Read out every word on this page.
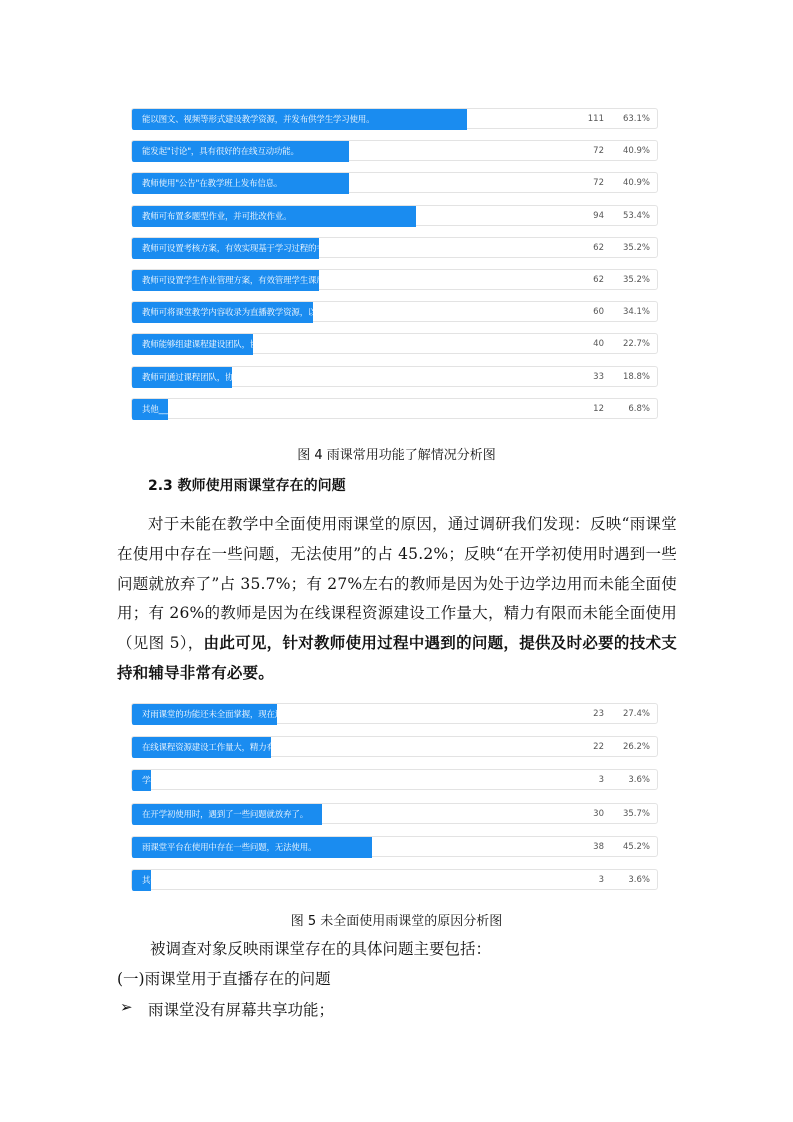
能以图文、视频等形式建设教学资源，并发布供学生学习使用。	111	63.1%
能发起"讨论"，具有很好的在线互动功能。	72	40.9%
教师使用"公告"在教学班上发布信息。	72	40.9%
教师可布置多题型作业，并可批改作业。	94	53.4%
教师可设置考核方案，有效实现基于学习过程的考核。	62	35.2%
教师可设置学生作业管理方案，有效管理学生课后作业。	62	35.2%
教师可将课堂教学内容收录为直播教学资源，以供学生课后学习。	60	34.1%
教师能够组建课程建设团队，协作建设、共享教学资源。	40	22.7%
教师可通过课程团队，协作批改作业。	33	18.8%
其他____	12	6.8%
图 4 雨课常用功能了解情况分析图
2.3 教师使用雨课堂存在的问题
对于未能在教学中全面使用雨课堂的原因，通过调研我们发现：反映“雨课堂在使用中存在一些问题，无法使用”的占 45.2%；反映“在开学初使用时遇到一些问题就放弃了”占 35.7%；有 27%左右的教师是因为处于边学边用而未能全面使用；有 26%的教师是因为在线课程资源建设工作量大，精力有限而未能全面使用（见图 5），由此可见，针对教师使用过程中遇到的问题，提供及时必要的技术支持和辅导非常有必要。
对雨课堂的功能还未全面掌握，现在边用边学。	23	27.4%
在线课程资源建设工作量大，精力有限，只能建设一部分，应用一部分。	22	26.2%
学校没有强制要求，等后面有要求了再说。	3	3.6%
在开学初使用时，遇到了一些问题就放弃了。	30	35.7%
雨课堂平台在使用中存在一些问题，无法使用。	38	45.2%
其他____	3	3.6%
图 5 未全面使用雨课堂的原因分析图
被调查对象反映雨课堂存在的具体问题主要包括：
(一)雨课堂用于直播存在的问题
➢ 雨课堂没有屏幕共享功能；
